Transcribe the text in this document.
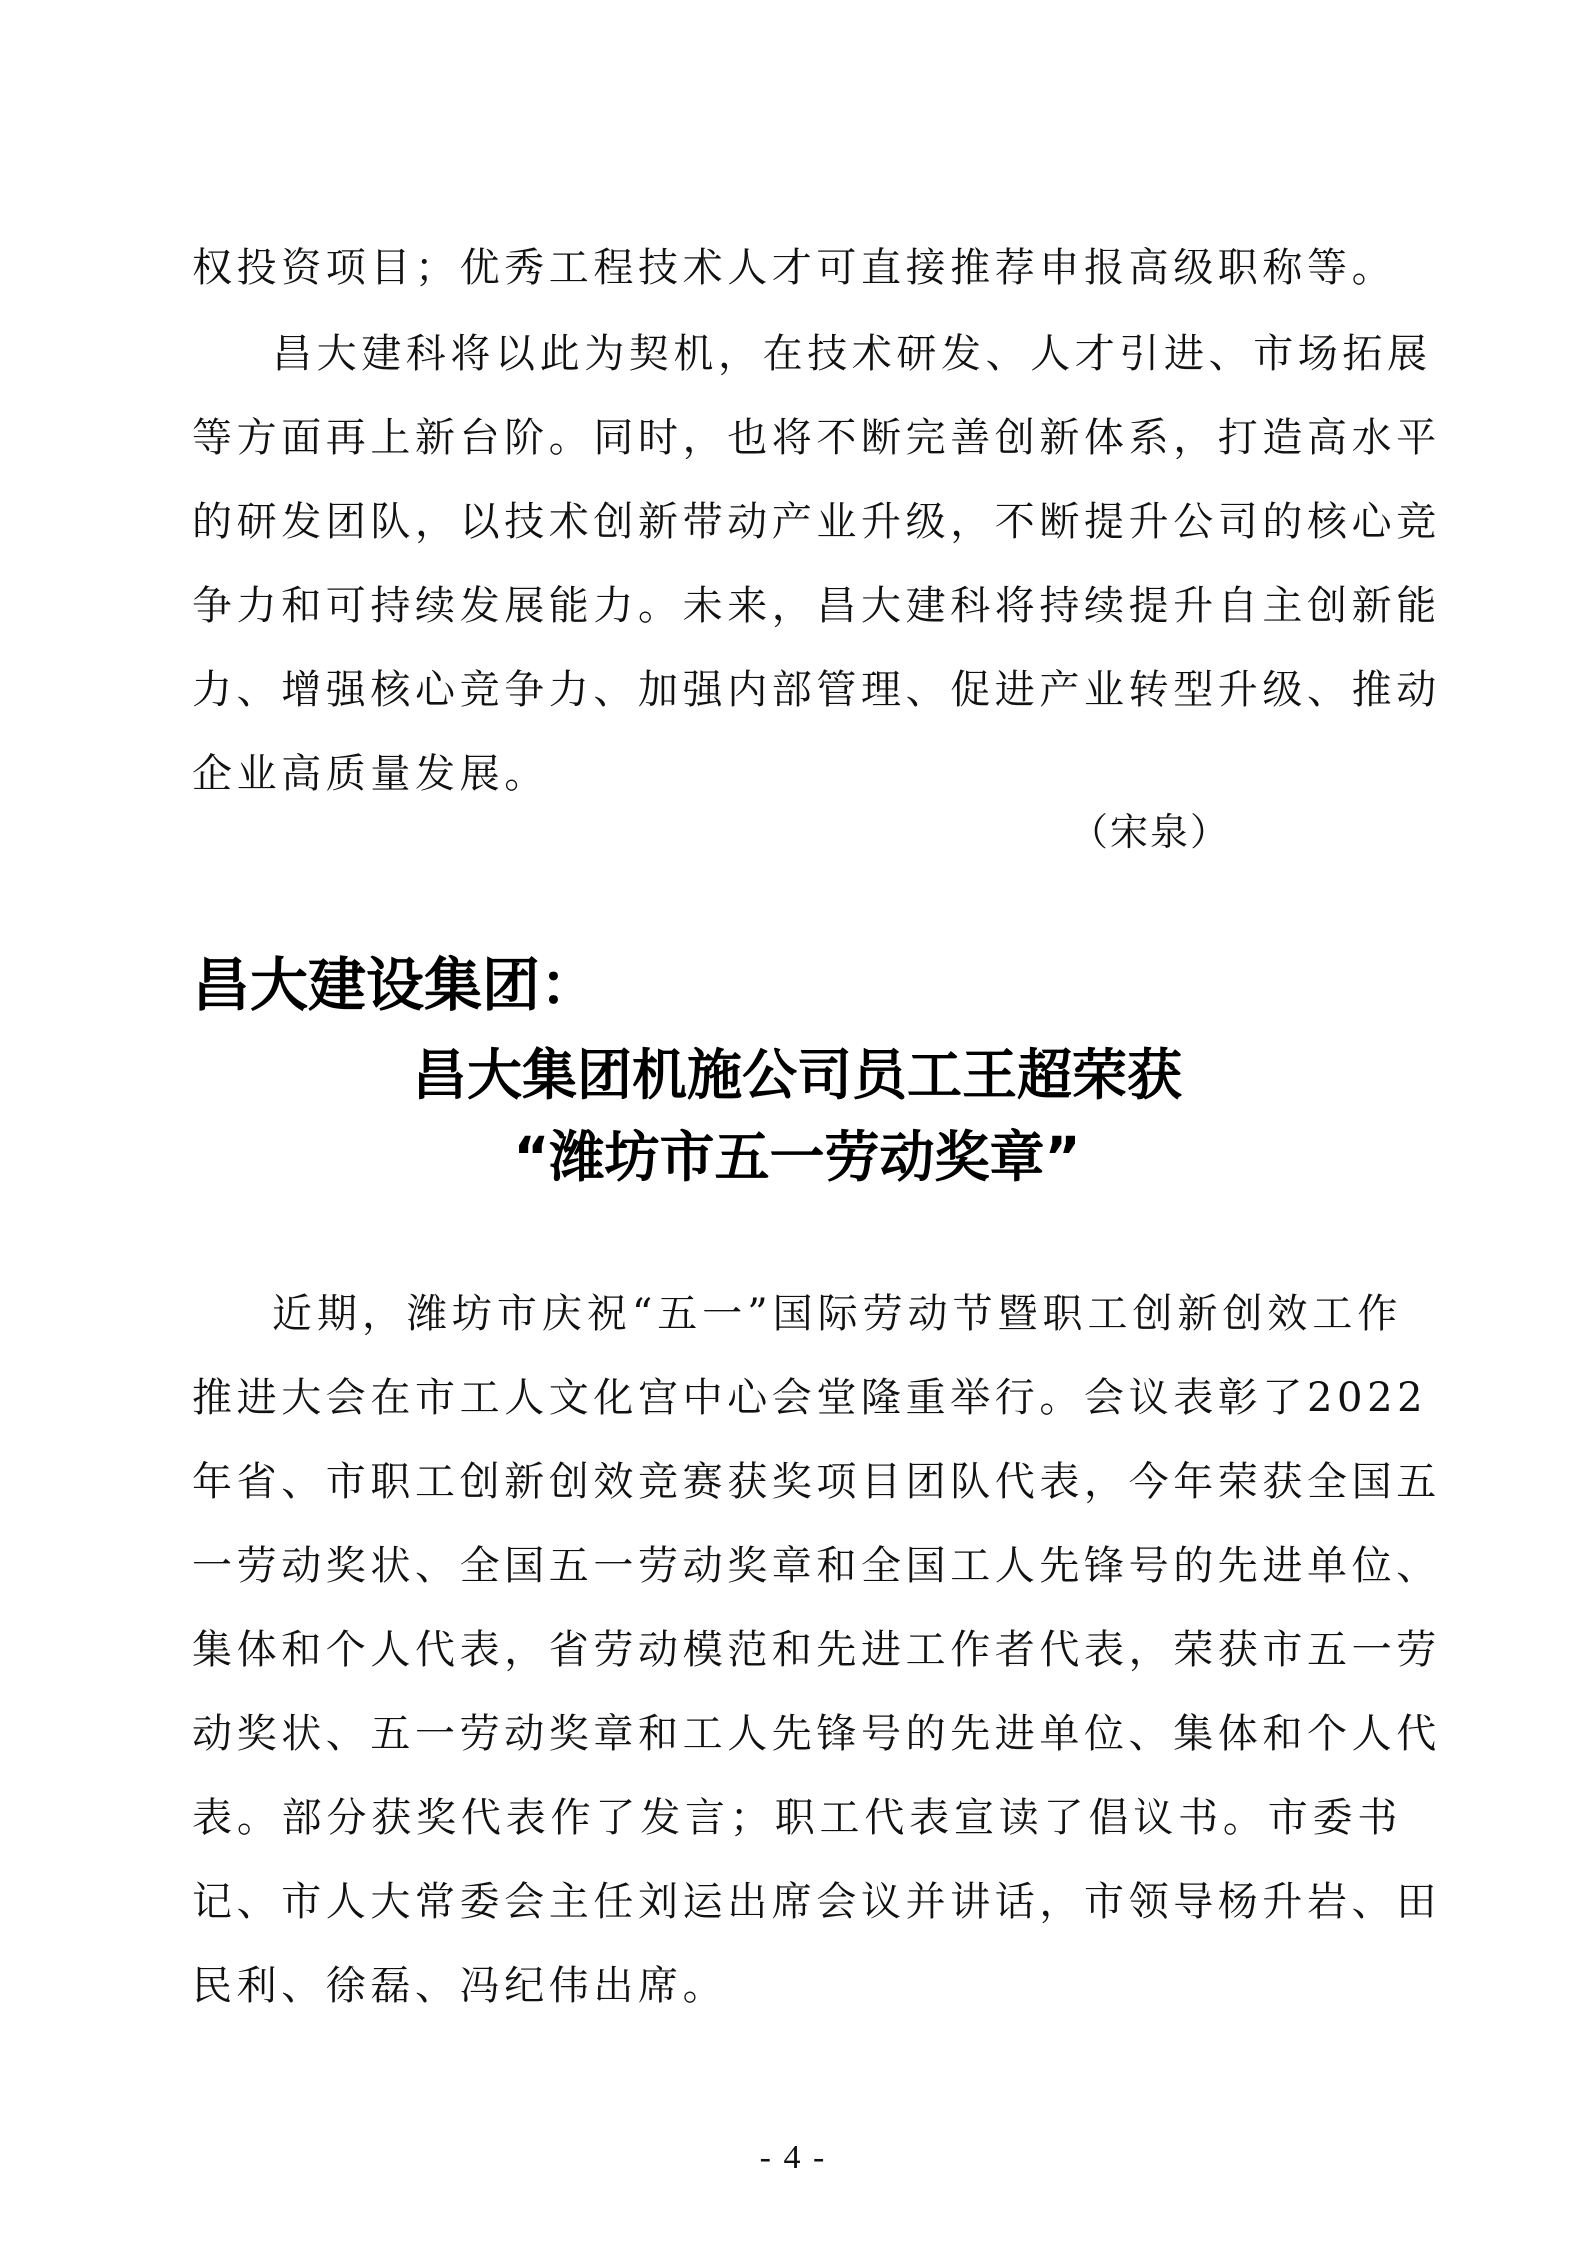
权投资项目；优秀工程技术人才可直接推荐申报高级职称等。
昌大建科将以此为契机，在技术研发、人才引进、市场拓展
等方面再上新台阶。同时，也将不断完善创新体系，打造高水平
的研发团队，以技术创新带动产业升级，不断提升公司的核心竞
争力和可持续发展能力。未来，昌大建科将持续提升自主创新能
力、增强核心竞争力、加强内部管理、促进产业转型升级、推动
企业高质量发展。
（宋泉）
昌大建设集团：
昌大集团机施公司员工王超荣获
“潍坊市五一劳动奖章”
近期，潍坊市庆祝“五一”国际劳动节暨职工创新创效工作
推进大会在市工人文化宫中心会堂隆重举行。会议表彰了2022
年省、市职工创新创效竞赛获奖项目团队代表，今年荣获全国五
一劳动奖状、全国五一劳动奖章和全国工人先锋号的先进单位、
集体和个人代表，省劳动模范和先进工作者代表，荣获市五一劳
动奖状、五一劳动奖章和工人先锋号的先进单位、集体和个人代
表。部分获奖代表作了发言；职工代表宣读了倡议书。市委书
记、市人大常委会主任刘运出席会议并讲话，市领导杨升岩、田
民利、徐磊、冯纪伟出席。
- 4 -
